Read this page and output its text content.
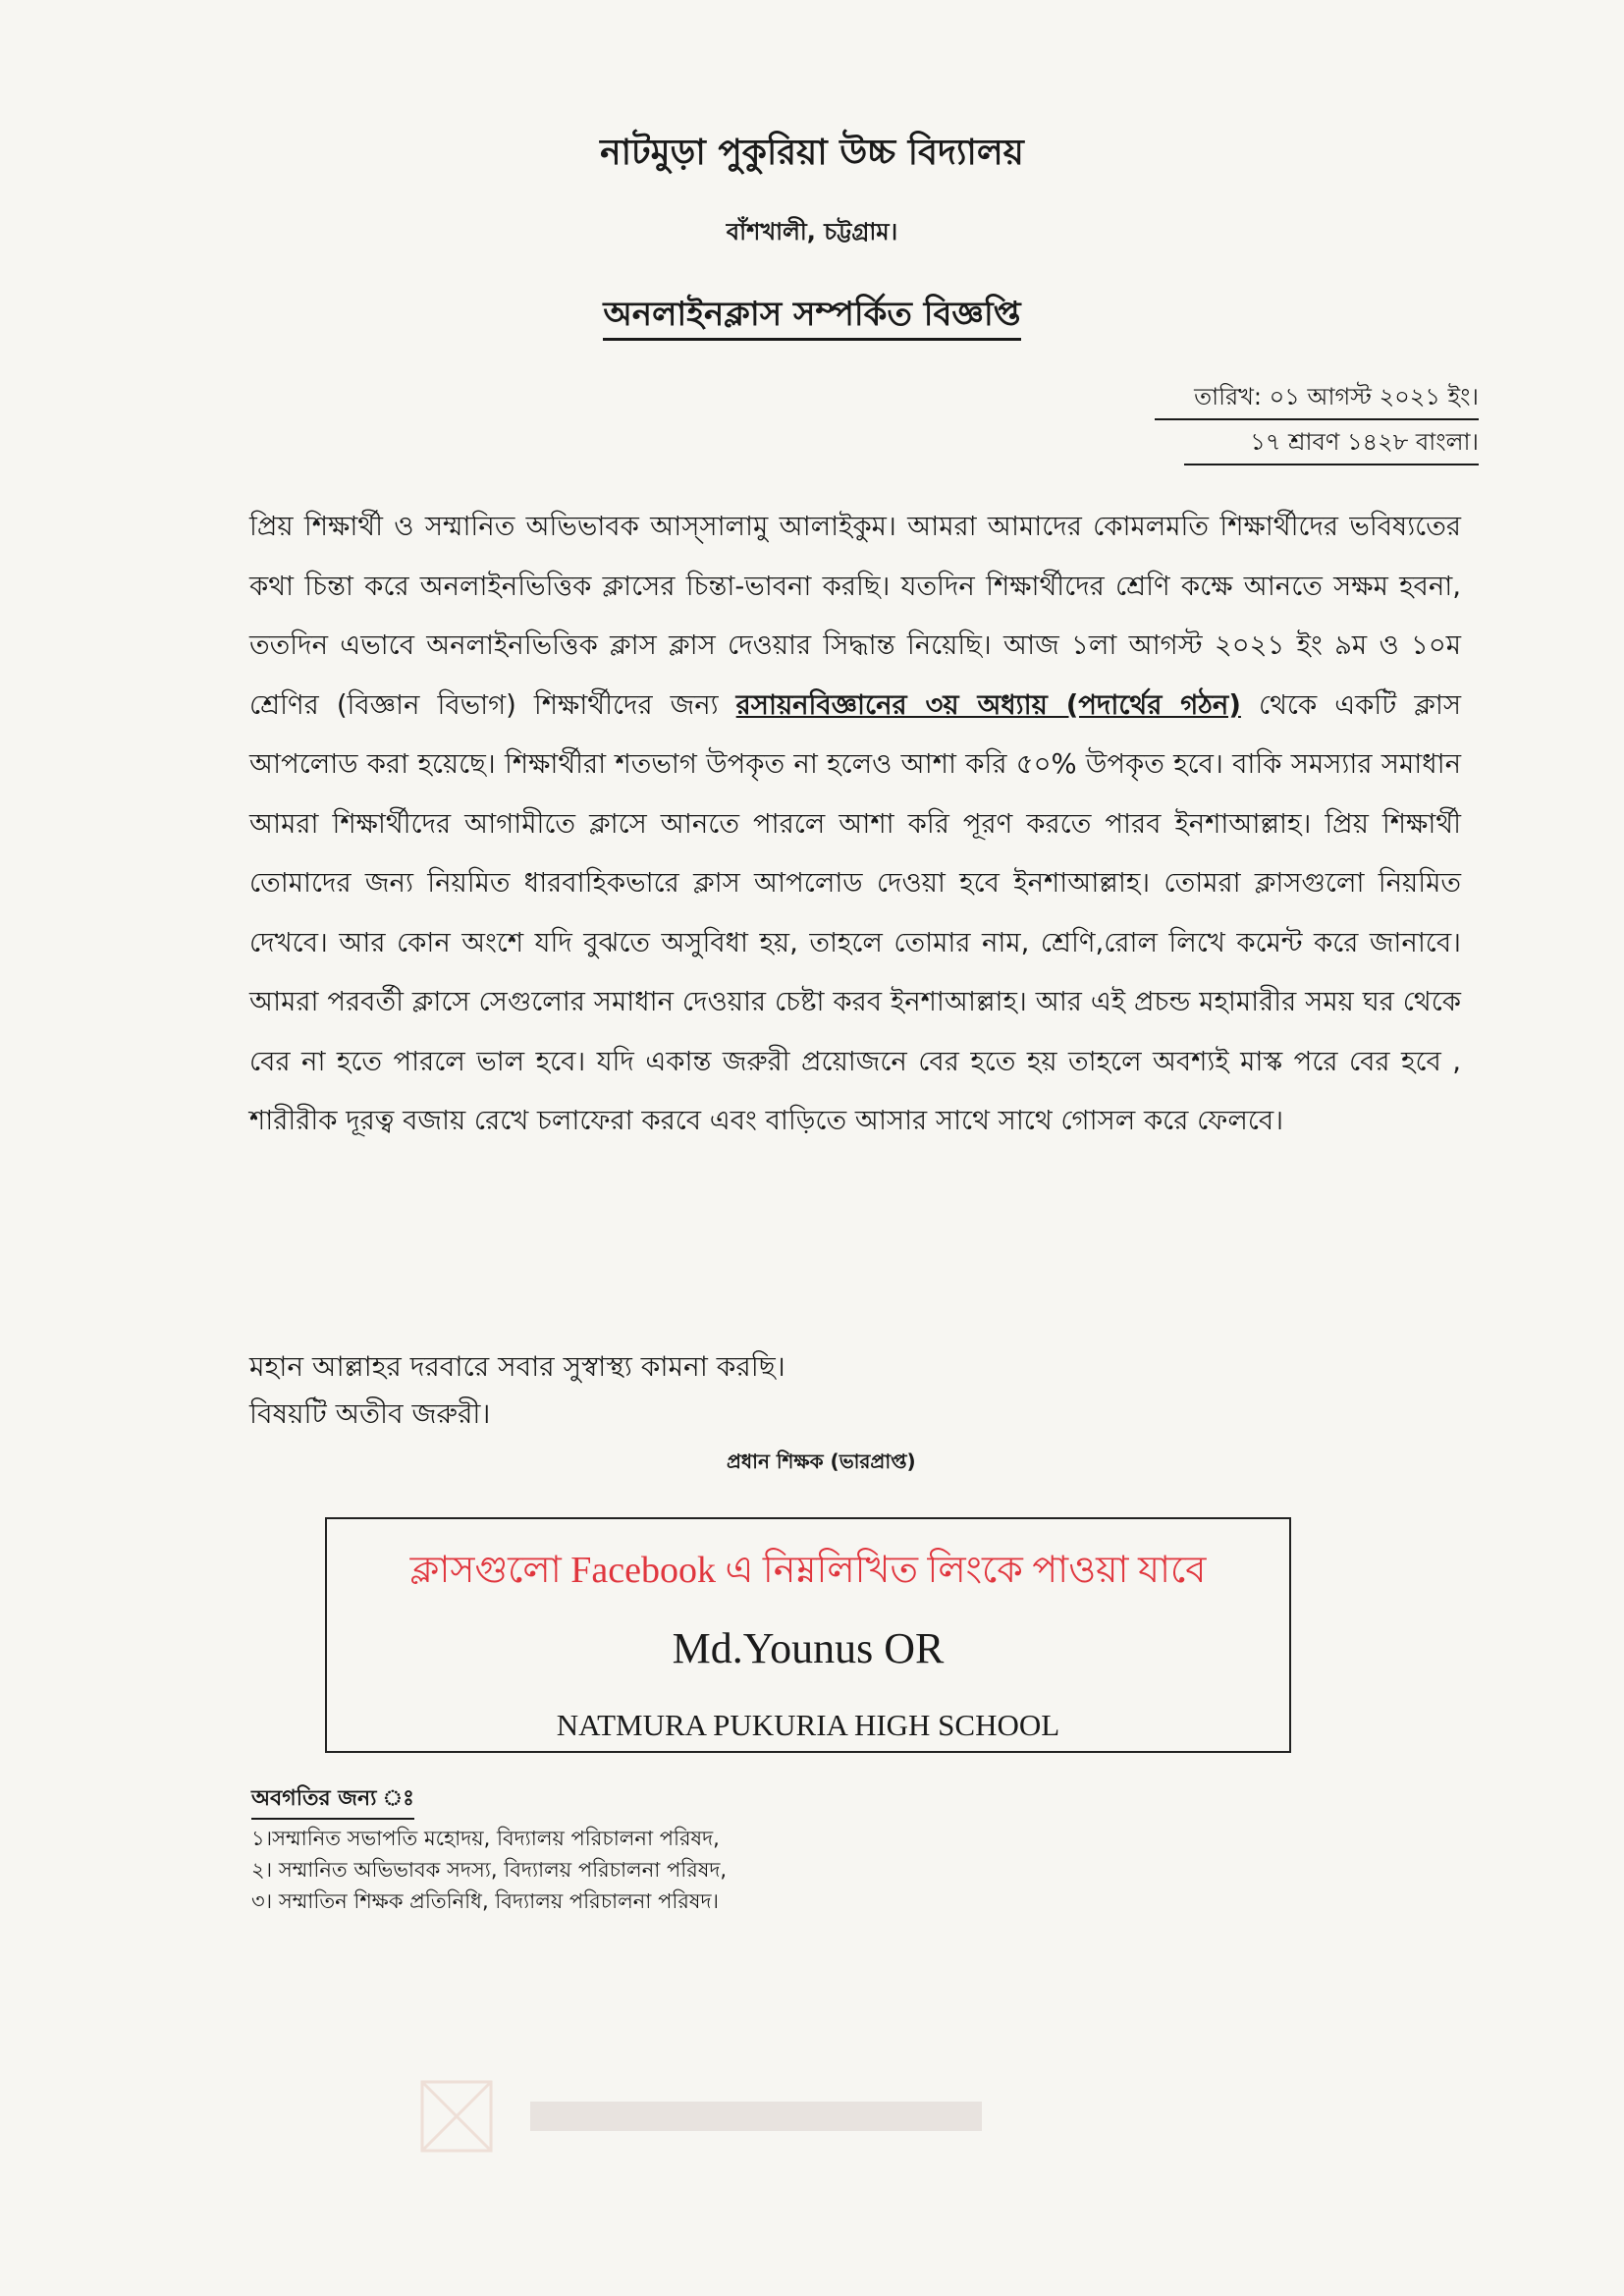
নাটমুড়া পুকুরিয়া উচ্চ বিদ্যালয়
বাঁশখালী, চট্টগ্রাম।
অনলাইনক্লাস সম্পর্কিত বিজ্ঞপ্তি
তারিখ: ০১ আগস্ট ২০২১ ইং।
১৭ শ্রাবণ ১৪২৮ বাংলা।
প্রিয় শিক্ষার্থী ও সম্মানিত অভিভাবক আস্সালামু আলাইকুম। আমরা আমাদের কোমলমতি শিক্ষার্থীদের ভবিষ্যতের কথা চিন্তা করে অনলাইনভিত্তিক ক্লাসের চিন্তা-ভাবনা করছি। যতদিন শিক্ষার্থীদের শ্রেণি কক্ষে আনতে সক্ষম হবনা, ততদিন এভাবে অনলাইনভিত্তিক ক্লাস ক্লাস দেওয়ার সিদ্ধান্ত নিয়েছি। আজ ১লা আগস্ট ২০২১ ইং ৯ম ও ১০ম শ্রেণির (বিজ্ঞান বিভাগ) শিক্ষার্থীদের জন্য রসায়নবিজ্ঞানের ৩য় অধ্যায় (পদার্থের গঠন) থেকে একটি ক্লাস আপলোড করা হয়েছে। শিক্ষার্থীরা শতভাগ উপকৃত না হলেও আশা করি ৫০% উপকৃত হবে। বাকি সমস্যার সমাধান আমরা শিক্ষার্থীদের আগামীতে ক্লাসে আনতে পারলে আশা করি পূরণ করতে পারব ইনশাআল্লাহ। প্রিয় শিক্ষার্থী তোমাদের জন্য নিয়মিত ধারবাহিকভারে ক্লাস আপলোড দেওয়া হবে ইনশাআল্লাহ। তোমরা ক্লাসগুলো নিয়মিত দেখবে। আর কোন অংশে যদি বুঝতে অসুবিধা হয়, তাহলে তোমার নাম, শ্রেণি,রোল লিখে কমেন্ট করে জানাবে। আমরা পরবর্তী ক্লাসে সেগুলোর সমাধান দেওয়ার চেষ্টা করব ইনশাআল্লাহ। আর এই প্রচন্ড মহামারীর সময় ঘর থেকে বের না হতে পারলে ভাল হবে। যদি একান্ত জরুরী প্রয়োজনে বের হতে হয় তাহলে অবশ্যই মাস্ক পরে বের হবে , শারীরীক দূরত্ব বজায় রেখে চলাফেরা করবে এবং বাড়িতে আসার সাথে সাথে গোসল করে ফেলবে।
মহান আল্লাহর দরবারে সবার সুস্বাস্থ্য কামনা করছি।
বিষয়টি অতীব জরুরী।
প্রধান শিক্ষক (ভারপ্রাপ্ত)
ক্লাসগুলো Facebook এ নিম্নলিখিত লিংকে পাওয়া যাবে
Md.Younus OR
NATMURA PUKURIA HIGH SCHOOL
অবগতির জন্য ঃ
১।সম্মানিত সভাপতি মহোদয়, বিদ্যালয় পরিচালনা পরিষদ,
২। সম্মানিত অভিভাবক সদস্য, বিদ্যালয় পরিচালনা পরিষদ,
৩। সম্মাতিন শিক্ষক প্রতিনিধি, বিদ্যালয় পরিচালনা পরিষদ।
